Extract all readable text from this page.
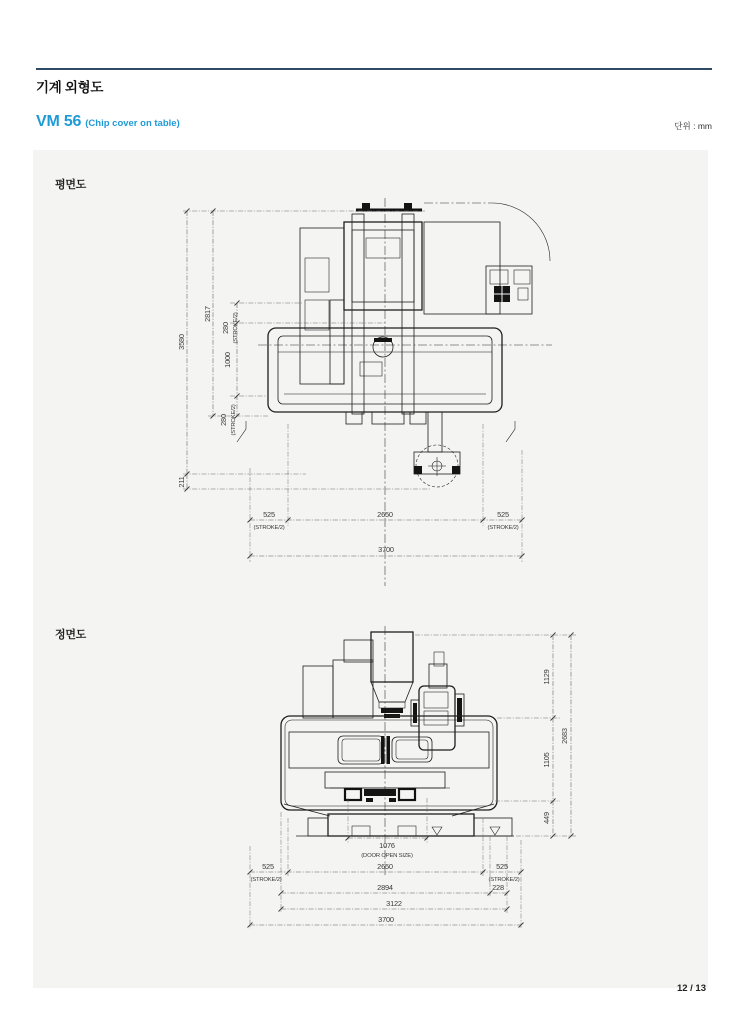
기계 외형도
VM 56 (Chip cover on table)	단위 : mm
평면도
정면도
3580
2817
280 (STROKE/2)
1000
280 (STROKE/2)
211
525
(STROKE/2)
2650	525
(STROKE/2)
3700
1129
2683
1105
449
1076
(DOOR OPEN SIZE)
525
(STROKE/2)
2650	525
(STROKE/2)
2894	228
3122
3700
12 / 13
